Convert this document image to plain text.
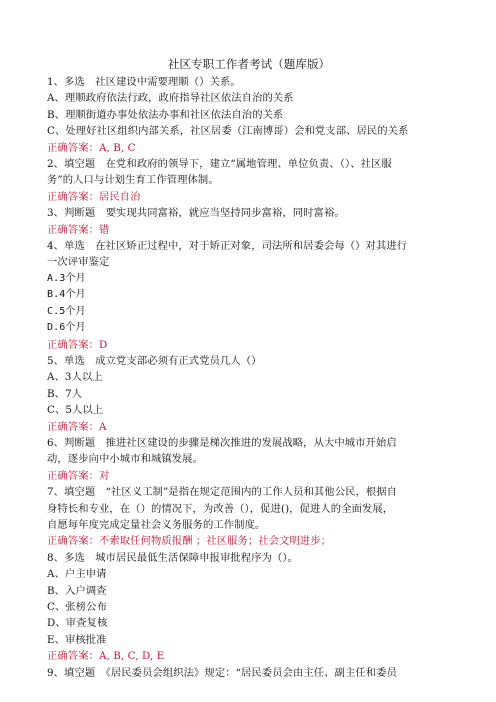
社区专职工作者考试（题库版）
1、多选　社区建设中需要理顺（）关系。
A、理顺政府依法行政，政府指导社区依法自治的关系
B、理顺街道办事处依法办事和社区依法自治的关系
C、处理好社区组织内部关系，社区居委（江南博哥）会和党支部、居民的关系
正确答案：A, B, C
2、填空题　在党和政府的领导下，建立“属地管理、单位负责、（）、社区服
务”的人口与计划生育工作管理体制。
正确答案：居民自治
3、判断题　要实现共同富裕，就应当坚持同步富裕，同时富裕。
正确答案：错
4、单选　在社区矫正过程中，对于矫正对象，司法所和居委会每（）对其进行
一次评审鉴定
A.3个月
B.4个月
C.5个月
D.6个月
正确答案：D
5、单选　成立党支部必须有正式党员几人（）
A、3人以上
B、7人
C、5人以上
正确答案：A
6、判断题　推进社区建设的步骤是梯次推进的发展战略，从大中城市开始启
动，逐步向中小城市和城镇发展。
正确答案：对
7、填空题　“社区义工制”是指在规定范围内的工作人员和其他公民，根据自
身特长和专业，在（）的情况下，为改善（），促进()，促进人的全面发展，
自愿每年度完成定量社会义务服务的工作制度。
正确答案：不索取任何物质报酬 ；社区服务；社会文明进步；
8、多选　城市居民最低生活保障申报审批程序为（）。
A、户主申请
B、入户调查
C、张榜公布
D、审查复核
E、审核批准
正确答案：A, B, C, D, E
9、填空题　《居民委员会组织法》规定：“居民委员会由主任、副主任和委员
